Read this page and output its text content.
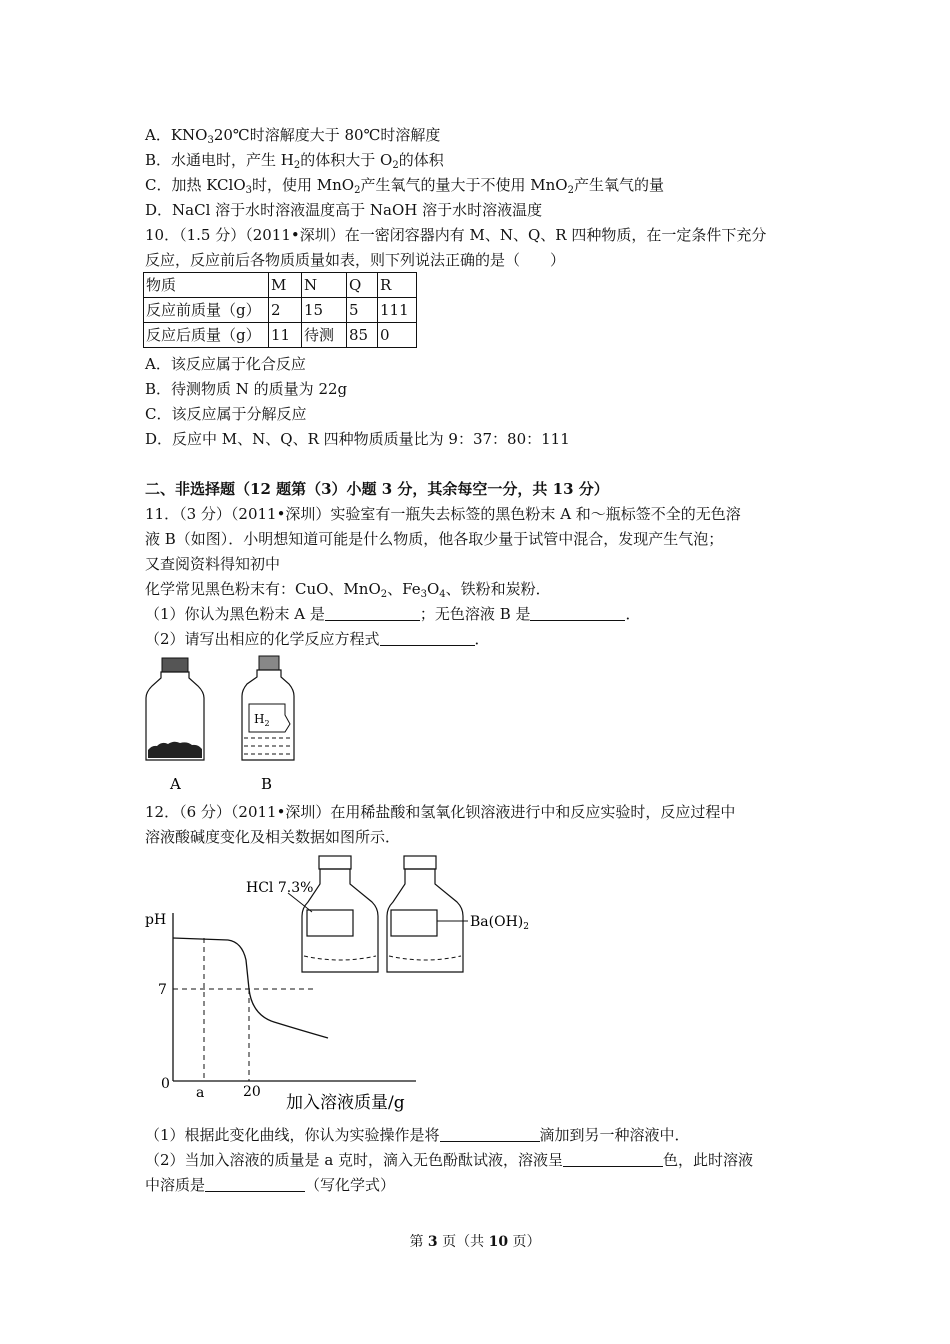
A．$KNO_320℃$时溶解度大于 80℃时溶解度
B．水通电时，产生 $H_2$的体积大于 $O_2$的体积
C．加热 KClO$_3$时，使用 MnO$_2$产生氧气的量大于不使用 MnO$_2$产生氧气的量
D．NaCl 溶于水时溶液温度高于 NaOH 溶于水时溶液温度
10．（1.5 分）（2011•深圳）在一密闭容器内有 M、N、Q、R 四种物质，在一定条件下充分
反应，反应前后各物质质量如表，则下列说法正确的是（　　）
物质	M	N	Q	R
反应前质量（g）	2	15	5	111
反应后质量（g）	11	待测	85	0
A．该反应属于化合反应
B．待测物质 N 的质量为 22g
C．该反应属于分解反应
D．反应中 M、N、Q、R 四种物质质量比为 9：37：80：111
二、非选择题（12 题第（3）小题 3 分，其余每空一分，共 13 分）
11．（3 分）（2011•深圳）实验室有一瓶失去标签的黑色粉末 A 和～瓶标签不全的无色溶
液 B（如图）．小明想知道可能是什么物质，他各取少量于试管中混合，发现产生气泡；
又查阅资料得知初中
化学常见黑色粉末有：CuO、MnO$_2$、$Fe_3O_4$、铁粉和炭粉．
（1）你认为黑色粉末 A 是	；无色溶液 B 是	．
（2）请写出相应的化学反应方程式	．
$H_2$
A	B
12．（6 分）（2011•深圳）在用稀盐酸和氢氧化钡溶液进行中和反应实验时，反应过程中
溶液酸碱度变化及相关数据如图所示．
HCl 7.3%
$Ba(OH)_2$
pH
7
0
a	20
加入溶液质量/g
（1）根据此变化曲线，你认为实验操作是将	滴加到另一种溶液中．
（2）当加入溶液的质量是 a 克时，滴入无色酚酞试液，溶液呈	色，此时溶液
中溶质是	（写化学式）
第 3 页（共 10 页）
